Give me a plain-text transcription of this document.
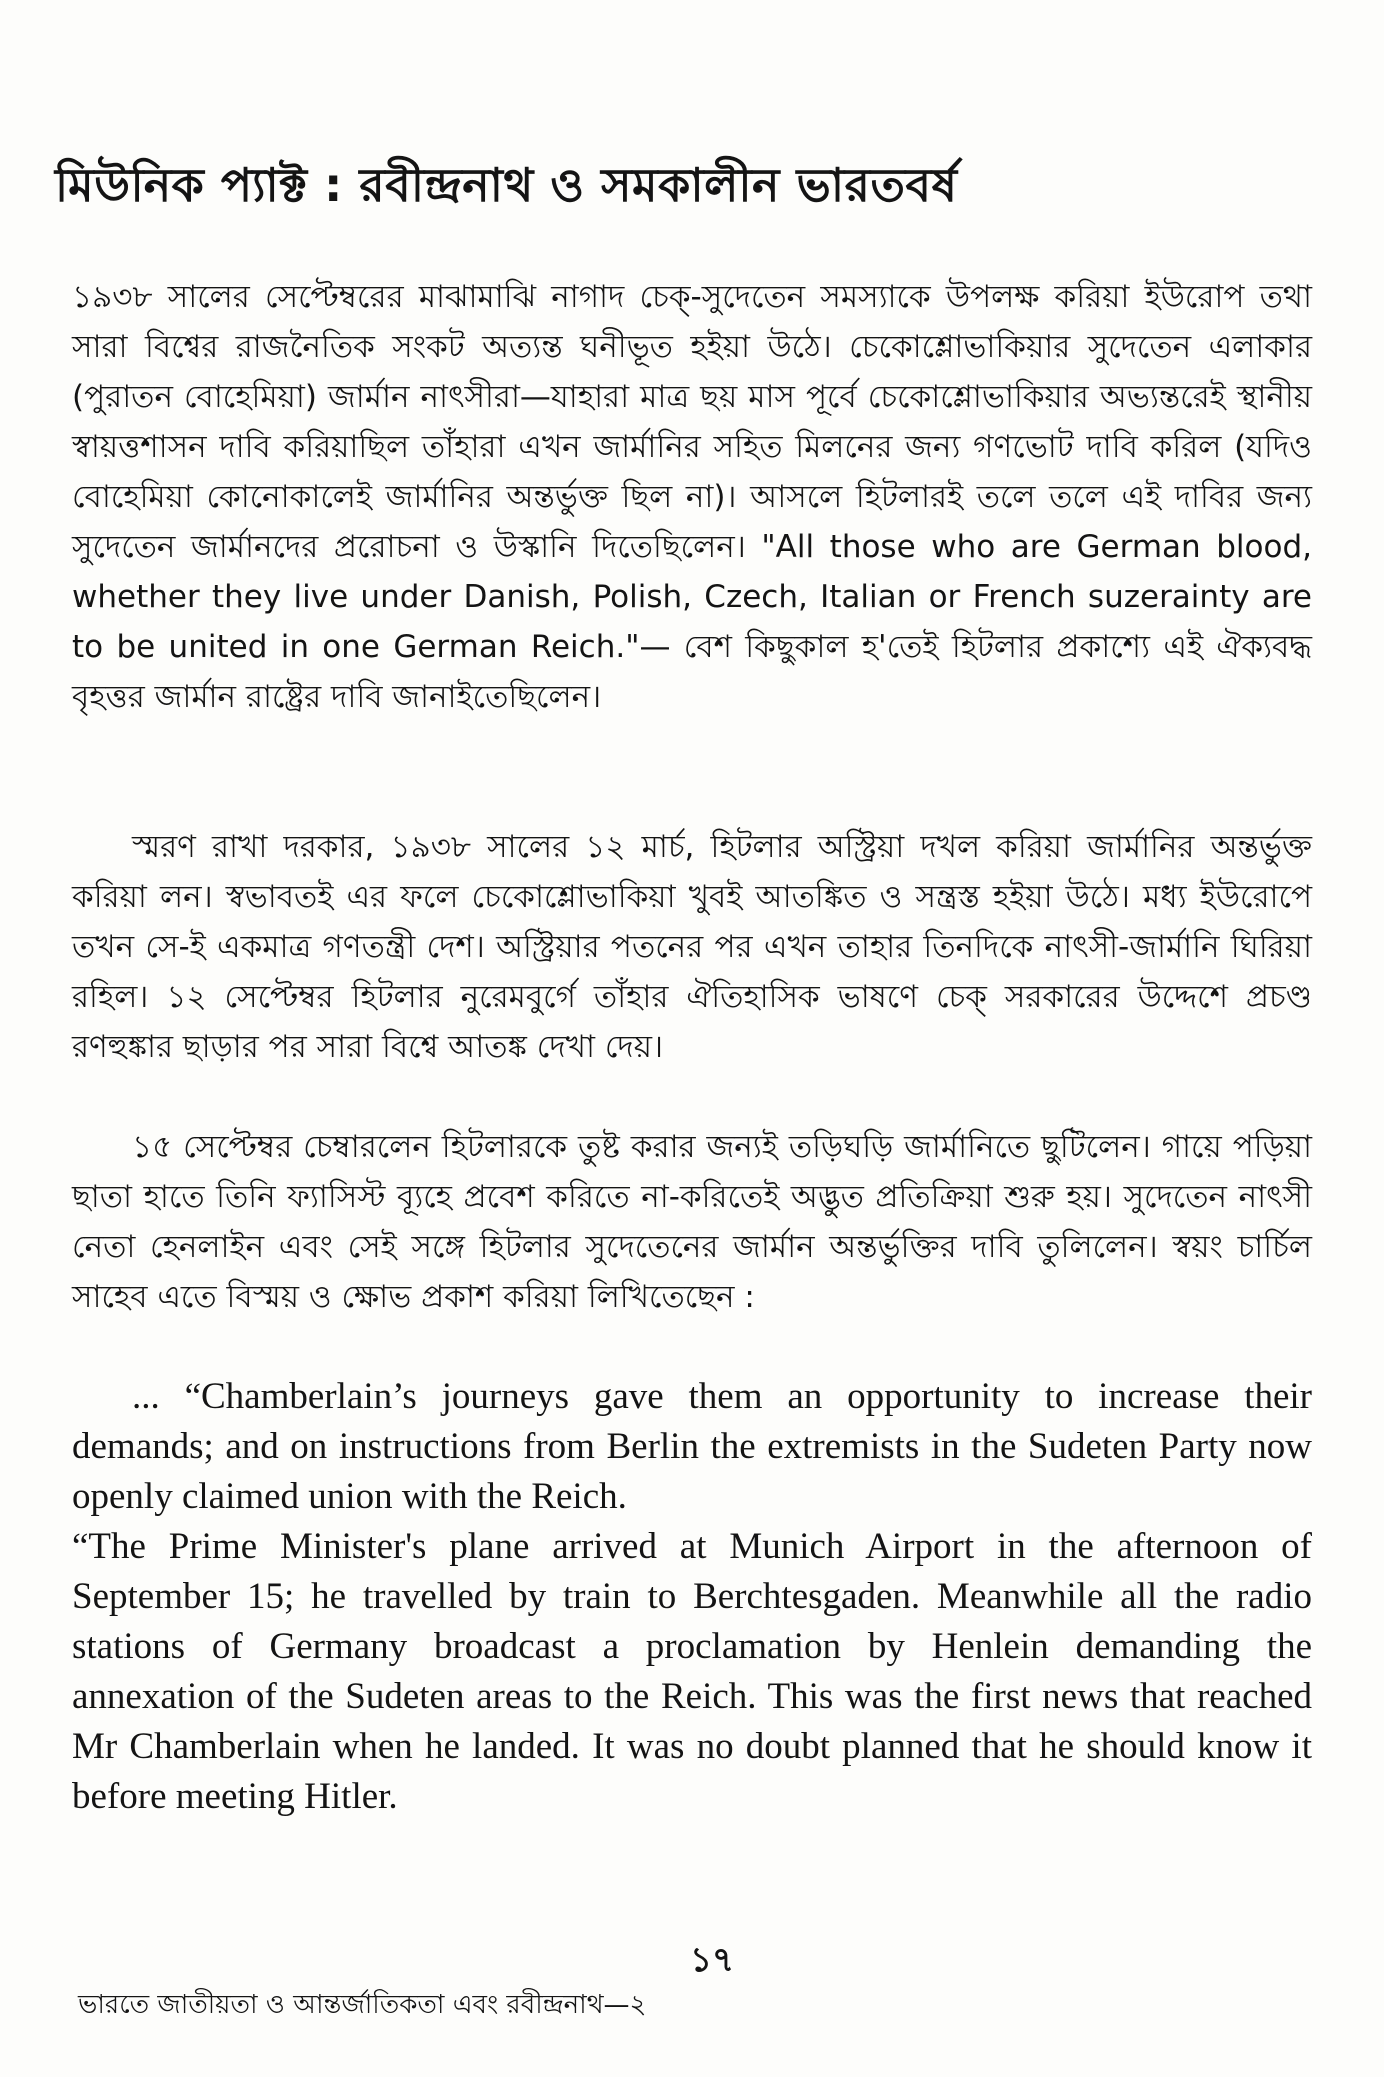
মিউনিক প্যাক্ট : রবীন্দ্রনাথ ও সমকালীন ভারতবর্ষ

১৯৩৮ সালের সেপ্টেম্বরের মাঝামাঝি নাগাদ চেক্-সুদেতেন সমস্যাকে উপলক্ষ করিয়া ইউরোপ তথা সারা বিশ্বের রাজনৈতিক সংকট অত্যন্ত ঘনীভূত হইয়া উঠে। চেকোশ্লোভাকিয়ার সুদেতেন এলাকার (পুরাতন বোহেমিয়া) জার্মান নাৎসীরা—যাহারা মাত্র ছয় মাস পূর্বে চেকোশ্লোভাকিয়ার অভ্যন্তরেই স্থানীয় স্বায়ত্তশাসন দাবি করিয়াছিল তাঁহারা এখন জার্মানির সহিত মিলনের জন্য গণভোট দাবি করিল (যদিও বোহেমিয়া কোনোকালেই জার্মানির অন্তর্ভুক্ত ছিল না)। আসলে হিটলারই তলে তলে এই দাবির জন্য সুদেতেন জার্মানদের প্ররোচনা ও উস্কানি দিতেছিলেন। "All those who are German blood, whether they live under Danish, Polish, Czech, Italian or French suzerainty are to be united in one German Reich."— বেশ কিছুকাল হ'তেই হিটলার প্রকাশ্যে এই ঐক্যবদ্ধ বৃহত্তর জার্মান রাষ্ট্রের দাবি জানাইতেছিলেন।

স্মরণ রাখা দরকার, ১৯৩৮ সালের ১২ মার্চ, হিটলার অস্ট্রিয়া দখল করিয়া জার্মানির অন্তর্ভুক্ত করিয়া লন। স্বভাবতই এর ফলে চেকোশ্লোভাকিয়া খুবই আতঙ্কিত ও সন্ত্রস্ত হইয়া উঠে। মধ্য ইউরোপে তখন সে-ই একমাত্র গণতন্ত্রী দেশ। অস্ট্রিয়ার পতনের পর এখন তাহার তিনদিকে নাৎসী-জার্মানি ঘিরিয়া রহিল। ১২ সেপ্টেম্বর হিটলার নুরেমবুর্গে তাঁহার ঐতিহাসিক ভাষণে চেক্ সরকারের উদ্দেশে প্রচণ্ড রণহুঙ্কার ছাড়ার পর সারা বিশ্বে আতঙ্ক দেখা দেয়।

১৫ সেপ্টেম্বর চেম্বারলেন হিটলারকে তুষ্ট করার জন্যই তড়িঘড়ি জার্মানিতে ছুটিলেন। গায়ে পড়িয়া ছাতা হাতে তিনি ফ্যাসিস্ট ব্যূহে প্রবেশ করিতে না-করিতেই অদ্ভুত প্রতিক্রিয়া শুরু হয়। সুদেতেন নাৎসী নেতা হেনলাইন এবং সেই সঙ্গে হিটলার সুদেতেনের জার্মান অন্তর্ভুক্তির দাবি তুলিলেন। স্বয়ং চার্চিল সাহেব এতে বিস্ময় ও ক্ষোভ প্রকাশ করিয়া লিখিতেছেন :

... “Chamberlain’s journeys gave them an opportunity to increase their demands; and on instructions from Berlin the extremists in the Sudeten Party now openly claimed union with the Reich.

“The Prime Minister's plane arrived at Munich Airport in the afternoon of September 15; he travelled by train to Berchtesgaden. Meanwhile all the radio stations of Germany broadcast a proclamation by Henlein demanding the annexation of the Sudeten areas to the Reich. This was the first news that reached Mr Chamberlain when he landed. It was no doubt planned that he should know it before meeting Hitler.

১৭
ভারতে জাতীয়তা ও আন্তর্জাতিকতা এবং রবীন্দ্রনাথ—২
